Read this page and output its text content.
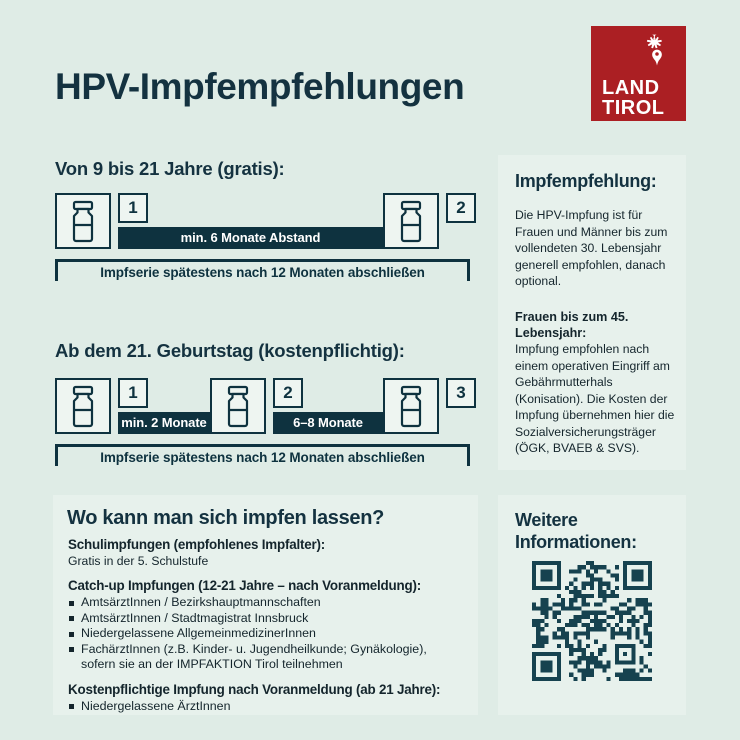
LAND
TIROL
HPV-Impfempfehlungen
Von 9 bis 21 Jahre (gratis):
1
min. 6 Monate Abstand
2
Impfserie spätestens nach 12 Monaten abschließen
Ab dem 21. Geburtstag (kostenpflichtig):
1
min. 2 Monate
2
6–8 Monate
3
Impfserie spätestens nach 12 Monaten abschließen
Impfempfehlung:
Die HPV-Impfung ist für Frauen und Männer bis zum vollendeten 30. Lebensjahr generell empfohlen, danach optional.
Frauen bis zum 45. Lebensjahr:
Impfung empfohlen nach einem operativen Eingriff am Gebährmutterhals (Konisation). Die Kosten der Impfung übernehmen hier die Sozialversicherungsträger (ÖGK, BVAEB & SVS).
Wo kann man sich impfen lassen?
Schulimpfungen (empfohlenes Impfalter):
Gratis in der 5. Schulstufe
Catch-up Impfungen (12-21 Jahre – nach Voranmeldung):
AmtsärztInnen / Bezirkshauptmannschaften
AmtsärztInnen / Stadtmagistrat Innsbruck
Niedergelassene AllgemeinmedizinerInnen
FachärztInnen (z.B. Kinder- u. Jugendheilkunde; Gynäkologie),
sofern sie an der IMPFAKTION Tirol teilnehmen
Kostenpflichtige Impfung nach Voranmeldung (ab 21 Jahre):
Niedergelassene ÄrztInnen
Weitere Informationen:
